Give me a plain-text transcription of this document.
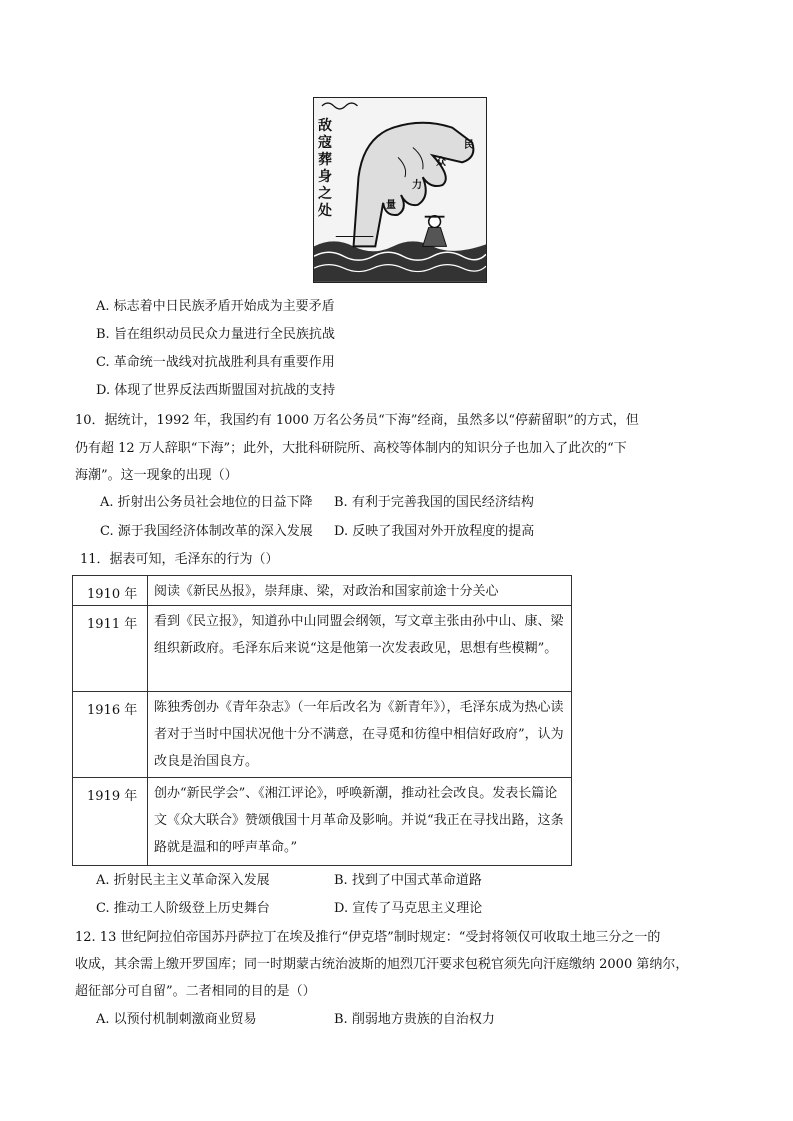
敌寇葬身之处
民
众
力
量
A. 标志着中日民族矛盾开始成为主要矛盾
B. 旨在组织动员民众力量进行全民族抗战
C. 革命统一战线对抗战胜利具有重要作用
D. 体现了世界反法西斯盟国对抗战的支持
10．据统计，1992 年，我国约有 1000 万名公务员“下海”经商，虽然多以“停薪留职”的方式，但
仍有超 12 万人辞职“下海”；此外，大批科研院所、高校等体制内的知识分子也加入了此次的“下
海潮”。这一现象的出现（）
A. 折射出公务员社会地位的日益下降 B. 有利于完善我国的国民经济结构
C. 源于我国经济体制改革的深入发展 D. 反映了我国对外开放程度的提高
11．据表可知，毛泽东的行为（）
1910 年	阅读《新民丛报》，崇拜康、梁，对政治和国家前途十分关心
1911 年	看到《民立报》，知道孙中山同盟会纲领，写文章主张由孙中山、康、梁组织新政府。毛泽东后来说“这是他第一次发表政见，思想有些模糊”。
1916 年	陈独秀创办《青年杂志》（一年后改名为《新青年》），毛泽东成为热心读者对于当时中国状况他十分不满意，在寻觅和彷徨中相信好政府”，认为改良是治国良方。
1919 年	创办“新民学会”、《湘江评论》，呼唤新潮，推动社会改良。发表长篇论文《众大联合》赞颂俄国十月革命及影响。并说“我正在寻找出路，这条路就是温和的呼声革命。”
A. 折射民主主义革命深入发展	B. 找到了中国式革命道路
C. 推动工人阶级登上历史舞台	D. 宣传了马克思主义理论
12. 13 世纪阿拉伯帝国苏丹萨拉丁在埃及推行“伊克塔”制时规定：“受封将领仅可收取土地三分之一的
收成，其余需上缴开罗国库；同一时期蒙古统治波斯的旭烈兀汗要求包税官须先向汗庭缴纳 2000 第纳尔，
超征部分可自留”。二者相同的目的是（）
A. 以预付机制刺激商业贸易	B. 削弱地方贵族的自治权力
